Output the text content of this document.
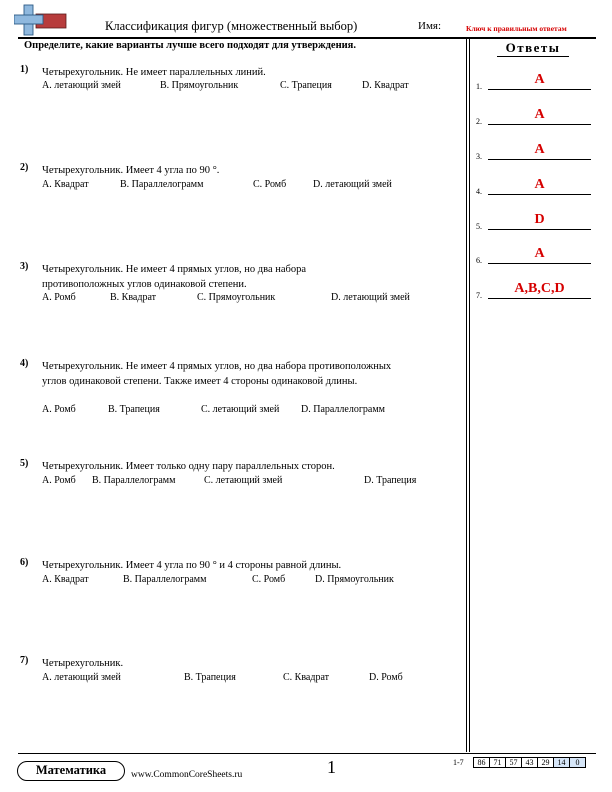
Классификация фигур (множественный выбор)	Имя:	Ключ к правильным ответам
Определите, какие варианты лучше всего подходят для утверждения.	Ответы
1.	A
2.	A
3.	A
4.	A
5.	D
6.	A
7.	A,B,C,D
1) Четырехугольник. Не имеет параллельных линий.
A. летающий змей	B. Прямоугольник	C. Трапеция	D. Квадрат
2) Четырехугольник. Имеет 4 угла по 90 °.
A. Квадрат	B. Параллелограмм	C. Ромб	D. летающий змей
3) Четырехугольник. Не имеет 4 прямых углов, но два набора противоположных углов одинаковой степени.
A. Ромб	B. Квадрат	C. Прямоугольник	D. летающий змей
4) Четырехугольник. Не имеет 4 прямых углов, но два набора противоположных углов одинаковой степени. Также имеет 4 стороны одинаковой длины.
A. Ромб	B. Трапеция	C. летающий змей D. Параллелограмм
5) Четырехугольник. Имеет только одну пару параллельных сторон.
A. Ромб B. Параллелограмм	C. летающий змей	D. Трапеция
6) Четырехугольник. Имеет 4 угла по 90 ° и 4 стороны равной длины.
A. Квадрат	B. Параллелограмм	C. Ромб	D. Прямоугольник
7) Четырехугольник.
A. летающий змей	B. Трапеция	C. Квадрат	D. Ромб
Математика	www.CommonCoreSheets.ru	1	1-7	86	71	57	43	29	14	0
